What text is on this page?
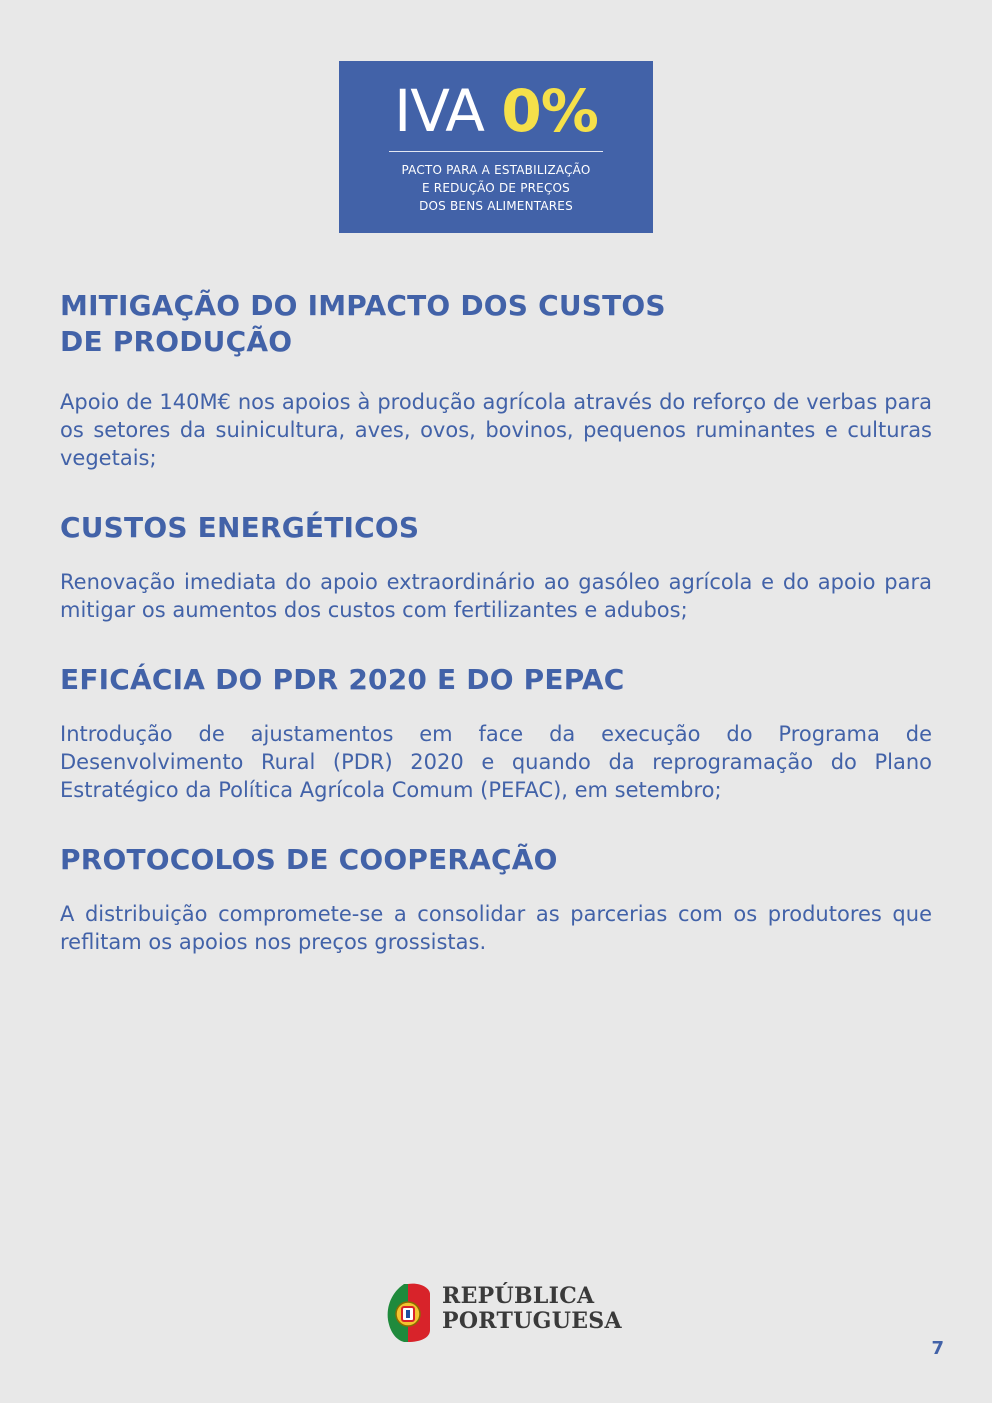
IVA 0%
PACTO PARA A ESTABILIZAÇÃO
E REDUÇÃO DE PREÇOS
DOS BENS ALIMENTARES
MITIGAÇÃO DO IMPACTO DOS CUSTOS
DE PRODUÇÃO

Apoio de 140M€ nos apoios à produção agrícola através do reforço de verbas para os setores da suinicultura, aves, ovos, bovinos, pequenos ruminantes e culturas vegetais;

CUSTOS ENERGÉTICOS

Renovação imediata do apoio extraordinário ao gasóleo agrícola e do apoio para mitigar os aumentos dos custos com fertilizantes e adubos;

EFICÁCIA DO PDR 2020 E DO PEPAC

Introdução de ajustamentos em face da execução do Programa de Desenvolvimento Rural (PDR) 2020 e quando da reprogramação do Plano Estratégico da Política Agrícola Comum (PEFAC), em setembro;

PROTOCOLOS DE COOPERAÇÃO

A distribuição compromete-se a consolidar as parcerias com os produtores que reflitam os apoios nos preços grossistas.

REPÚBLICA
PORTUGUESA
7
